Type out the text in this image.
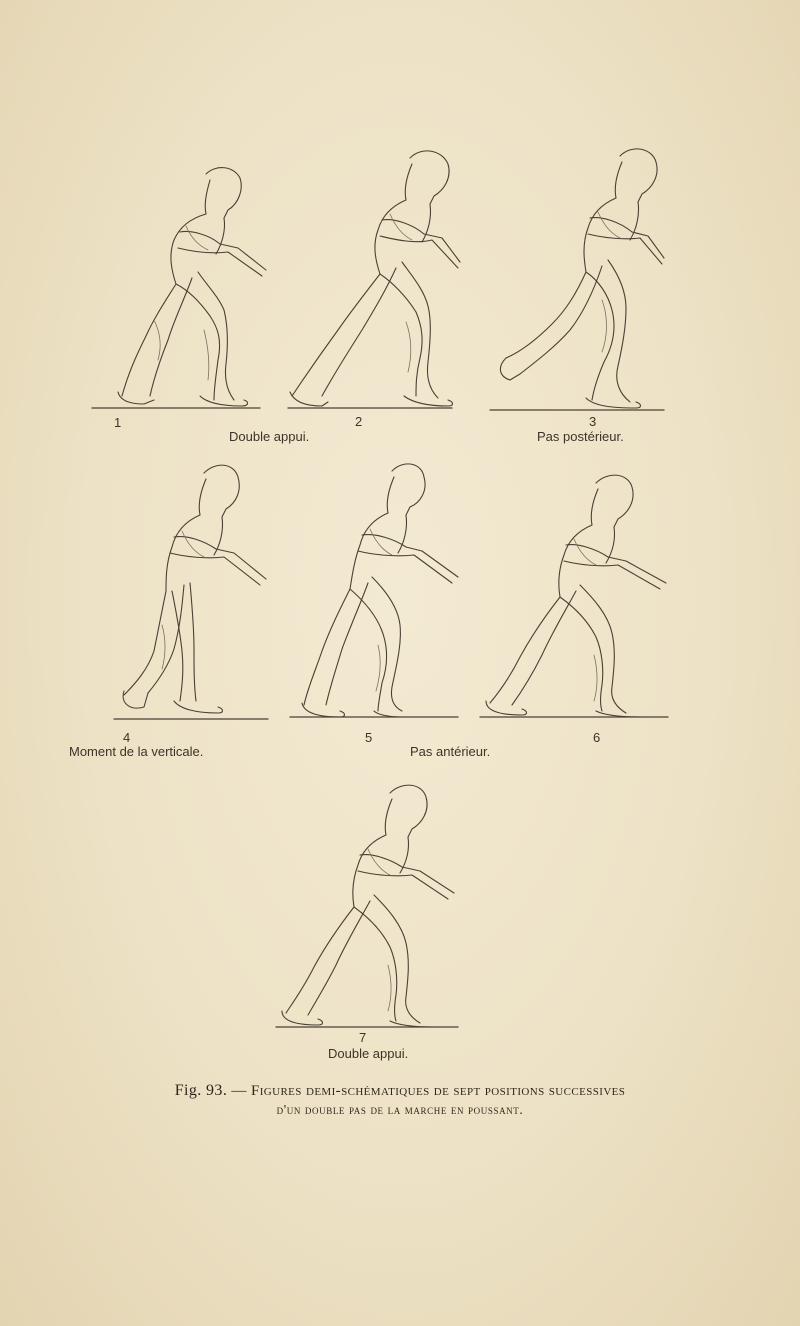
1	2
Double appui.
3
Pas postérieur.
4
Moment de la verticale.
5
Pas antérieur.
6
7
Double appui.
Fig. 93. — Figures demi-schématiques de sept positions successives
d'un double pas de la marche en poussant.
